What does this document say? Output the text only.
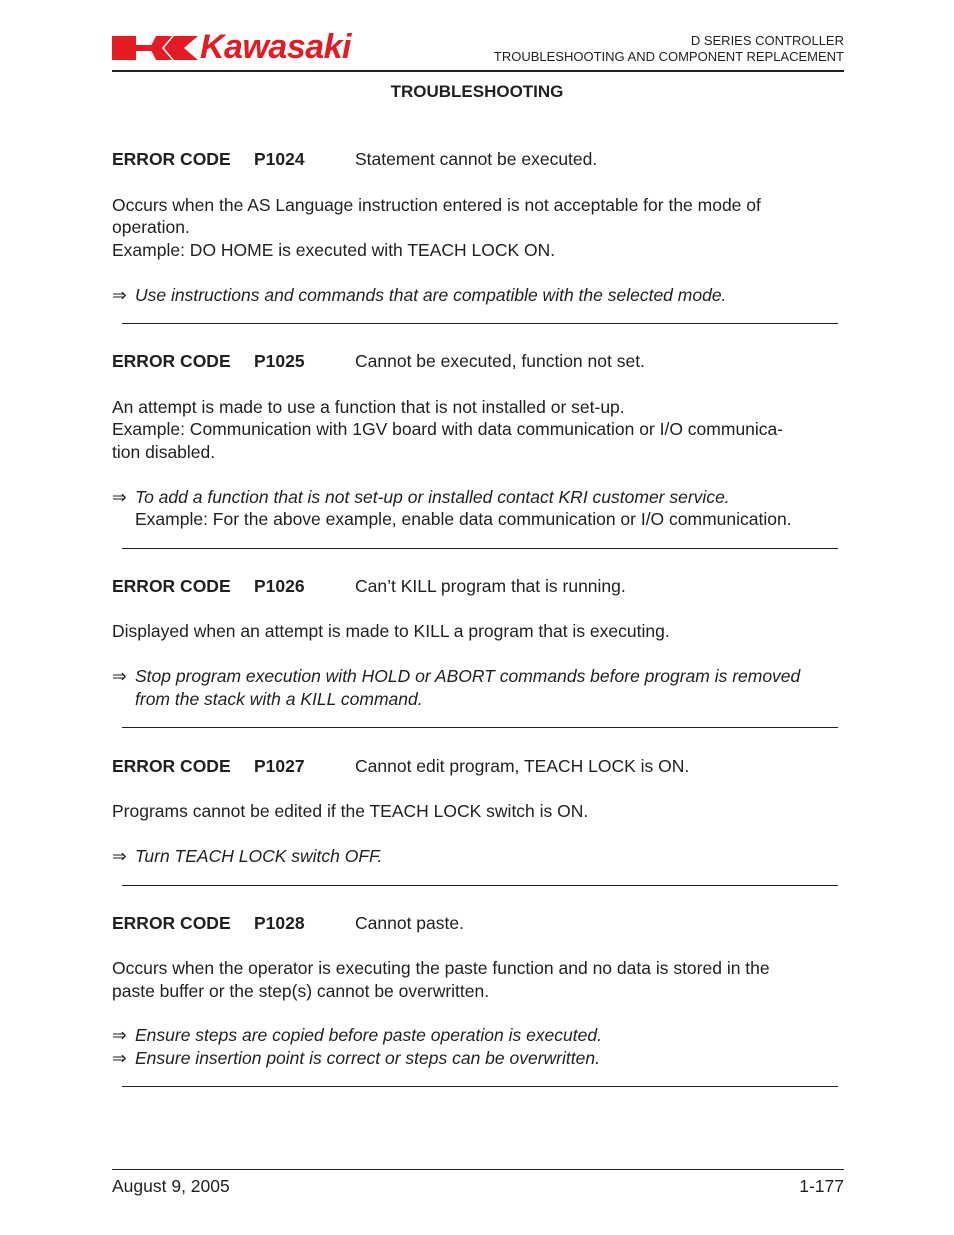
Kawasaki	D SERIES CONTROLLER
TROUBLESHOOTING AND COMPONENT REPLACEMENT
TROUBLESHOOTING
ERROR CODE P1024	Statement cannot be executed.
Occurs when the AS Language instruction entered is not acceptable for the mode of
operation.
Example: DO HOME is executed with TEACH LOCK ON.
⇒ Use instructions and commands that are compatible with the selected mode.
ERROR CODE P1025	Cannot be executed, function not set.
An attempt is made to use a function that is not installed or set-up.
Example: Communication with 1GV board with data communication or I/O communica-
tion disabled.
⇒ To add a function that is not set-up or installed contact KRI customer service.
Example: For the above example, enable data communication or I/O communication.
ERROR CODE P1026	Can’t KILL program that is running.
Displayed when an attempt is made to KILL a program that is executing.
⇒ Stop program execution with HOLD or ABORT commands before program is removed
from the stack with a KILL command.
ERROR CODE P1027	Cannot edit program, TEACH LOCK is ON.
Programs cannot be edited if the TEACH LOCK switch is ON.
⇒ Turn TEACH LOCK switch OFF.
ERROR CODE P1028	Cannot paste.
Occurs when the operator is executing the paste function and no data is stored in the
paste buffer or the step(s) cannot be overwritten.
⇒ Ensure steps are copied before paste operation is executed.
⇒ Ensure insertion point is correct or steps can be overwritten.
August 9, 2005	1-177
